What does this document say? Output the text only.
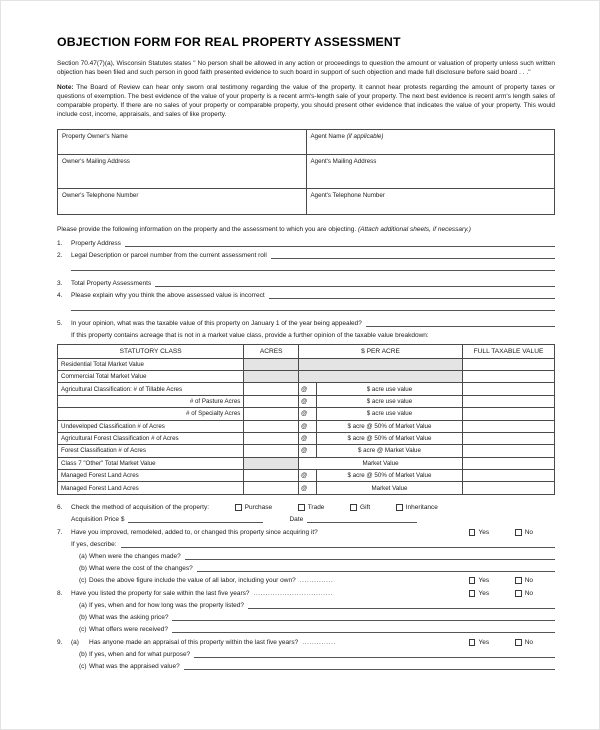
OBJECTION FORM FOR REAL PROPERTY ASSESSMENT

Section 70.47(7)(a), Wisconsin Statutes states " No person shall be allowed in any action or proceedings to question the amount or valuation of property unless such written objection has been filed and such person in good faith presented evidence to such board in support of such objection and made full disclosure before said board . . ."

Note: The Board of Review can hear only sworn oral testimony regarding the value of the property. It cannot hear protests regarding the amount of property taxes or questions of exemption. The best evidence of the value of your property is a recent arm's-length sale of your property. The next best evidence is recent arm's length sales of comparable property. If there are no sales of your property or comparable property, you should present other evidence that indicates the value of your property. This would include cost, income, appraisals, and sales of like property.

Property Owner's Name	Agent Name (if applicable)
Owner's Mailing Address	Agent's Mailing Address
Owner's Telephone Number	Agent's Telephone Number

Please provide the following information on the property and the assessment to which you are objecting. (Attach additional sheets, if necessary.)

1.	Property Address
2.	Legal Description or parcel number from the current assessment roll
3.	Total Property Assessments
4.	Please explain why you think the above assessed value is incorrect
5.	In your opinion, what was the taxable value of this property on January 1 of the year being appealed?
If this property contains acreage that is not in a market value class, provide a further opinion of the taxable value breakdown:
STATUTORY CLASS	ACRES	$ PER ACRE		FULL TAXABLE VALUE
Residential Total Market Value				
Commercial Total Market Value				
Agricultural Classification: # of Tillable Acres		@	$ acre use value	
# of Pasture Acres		@	$ acre use value	
# of Specialty Acres		@	$ acre use value	
Undeveloped Classification # of Acres		@	$ acre @ 50% of Market Value	
Agricultural Forest Classification # of Acres		@	$ acre @ 50% of Market Value	
Forest Classification # of Acres		@	$ acre @ Market Value	
Class 7 "Other" Total Market Value		Market Value		
Managed Forest Land Acres		@	$ acre @ 50% of Market Value	
Managed Forest Land Acres		@	Market Value	
6.	Check the method of acquisition of the property:	Purchase	Trade	Gift	Inheritance
Acquisition Price $	Date
7.	Have you improved, remodeled, added to, or changed this property since acquiring it?	Yes	No
If yes, describe:
(a) When were the changes made?
(b) What were the cost of the changes?
(c) Does the above figure include the value of all labor, including your own? ..............	Yes	No
8.	Have you listed the property for sale within the last five years? .................................	Yes	No
(a) If yes, when and for how long was the property listed?
(b) What was the asking price?
(c) What offers were received?
9.	(a)	Has anyone made an appraisal of this property within the last five years? ..............	Yes	No
(b) If yes, when and for what purpose?
(c) What was the appraised value?
